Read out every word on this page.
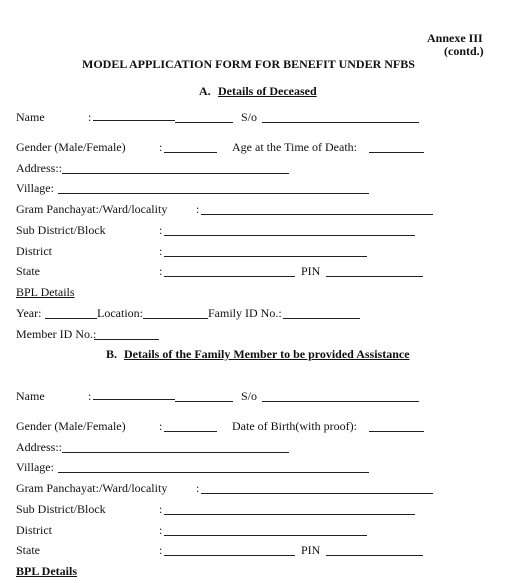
Annexe III
(contd.)
MODEL APPLICATION FORM FOR BENEFIT UNDER NFBS
A. Details of Deceased
Name	:	S/o
Gender (Male/Female)	:	Age at the Time of Death:
Address::
Village:
Gram Panchayat:/Ward/locality :
Sub District/Block	:
District	:
State	:	PIN
BPL Details
Year:	Location:	Family ID No.:
Member ID No.:
B. Details of the Family Member to be provided Assistance
Name	:	S/o
Gender (Male/Female)	:	Date of Birth(with proof):
Address::
Village:
Gram Panchayat:/Ward/locality :
Sub District/Block	:
District	:
State	:	PIN
BPL Details
